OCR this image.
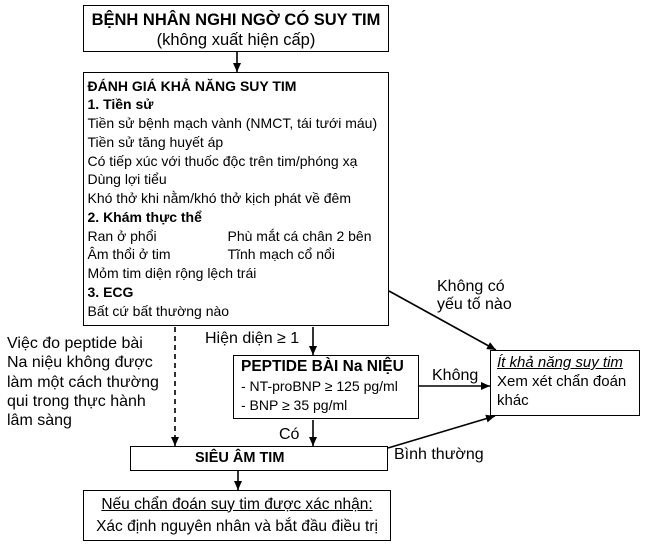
BỆNH NHÂN NGHI NGỜ CÓ SUY TIM
(không xuất hiện cấp)
ĐÁNH GIÁ KHẢ NĂNG SUY TIM
1. Tiền sử
Tiền sử bệnh mạch vành (NMCT, tái tưới máu)
Tiền sử tăng huyết áp
Có tiếp xúc với thuốc độc trên tim/phóng xạ
Dùng lợi tiểu
Khó thở khi nằm/khó thở kịch phát về đêm
2. Khám thực thể
Ran ở phổi	Phù mắt cá chân 2 bên
Âm thổi ở tim	Tĩnh mạch cổ nổi
Mỏm tim diện rộng lệch trái
3. ECG
Bất cứ bất thường nào
PEPTIDE BÀI Na NIỆU
- NT-proBNP ≥ 125 pg/ml
- BNP ≥ 35 pg/ml
SIÊU ÂM TIM
Nếu chẩn đoán suy tim được xác nhận:
Xác định nguyên nhân và bắt đầu điều trị
Ít khả năng suy tim
Xem xét chẩn đoán
khác
Hiện diện ≥ 1
Có
Không có
yếu tố nào
Không
Bình thường
Việc đo peptide bài
Na niệu không được
làm một cách thường
qui trong thực hành
lâm sàng
